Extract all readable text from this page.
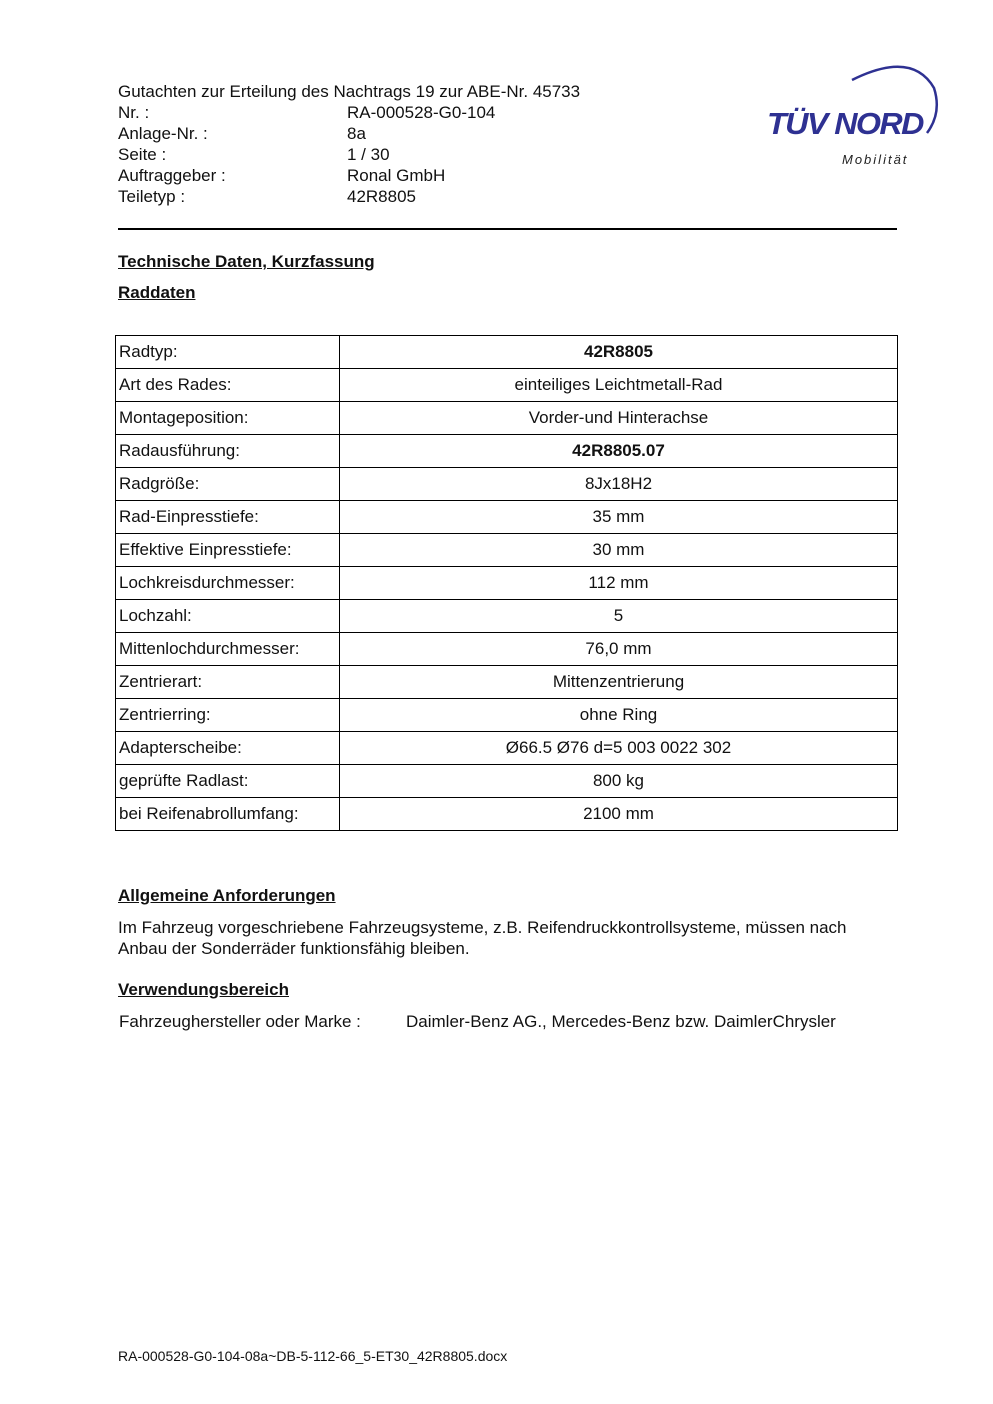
Gutachten zur Erteilung des Nachtrags 19 zur ABE-Nr. 45733
Nr. :	RA-000528-G0-104
Anlage-Nr. :	8a
Seite :	1 / 30
Auftraggeber :	Ronal GmbH
Teiletyp :	42R8805
TÜV NORD
Mobilität
Technische Daten, Kurzfassung
Raddaten
Radtyp:	42R8805
Art des Rades:	einteiliges Leichtmetall-Rad
Montageposition:	Vorder-und Hinterachse
Radausführung:	42R8805.07
Radgröße:	8Jx18H2
Rad-Einpresstiefe:	35 mm
Effektive Einpresstiefe:	30 mm
Lochkreisdurchmesser:	112 mm
Lochzahl:	5
Mittenlochdurchmesser:	76,0 mm
Zentrierart:	Mittenzentrierung
Zentrierring:	ohne Ring
Adapterscheibe:	Ø66.5 Ø76 d=5 003 0022 302
geprüfte Radlast:	800 kg
bei Reifenabrollumfang:	2100 mm
Allgemeine Anforderungen
Im Fahrzeug vorgeschriebene Fahrzeugsysteme, z.B. Reifendruckkontrollsysteme, müssen nach Anbau der Sonderräder funktionsfähig bleiben.
Verwendungsbereich
Fahrzeughersteller oder Marke :	Daimler-Benz AG., Mercedes-Benz bzw. DaimlerChrysler
RA-000528-G0-104-08a~DB-5-112-66_5-ET30_42R8805.docx
